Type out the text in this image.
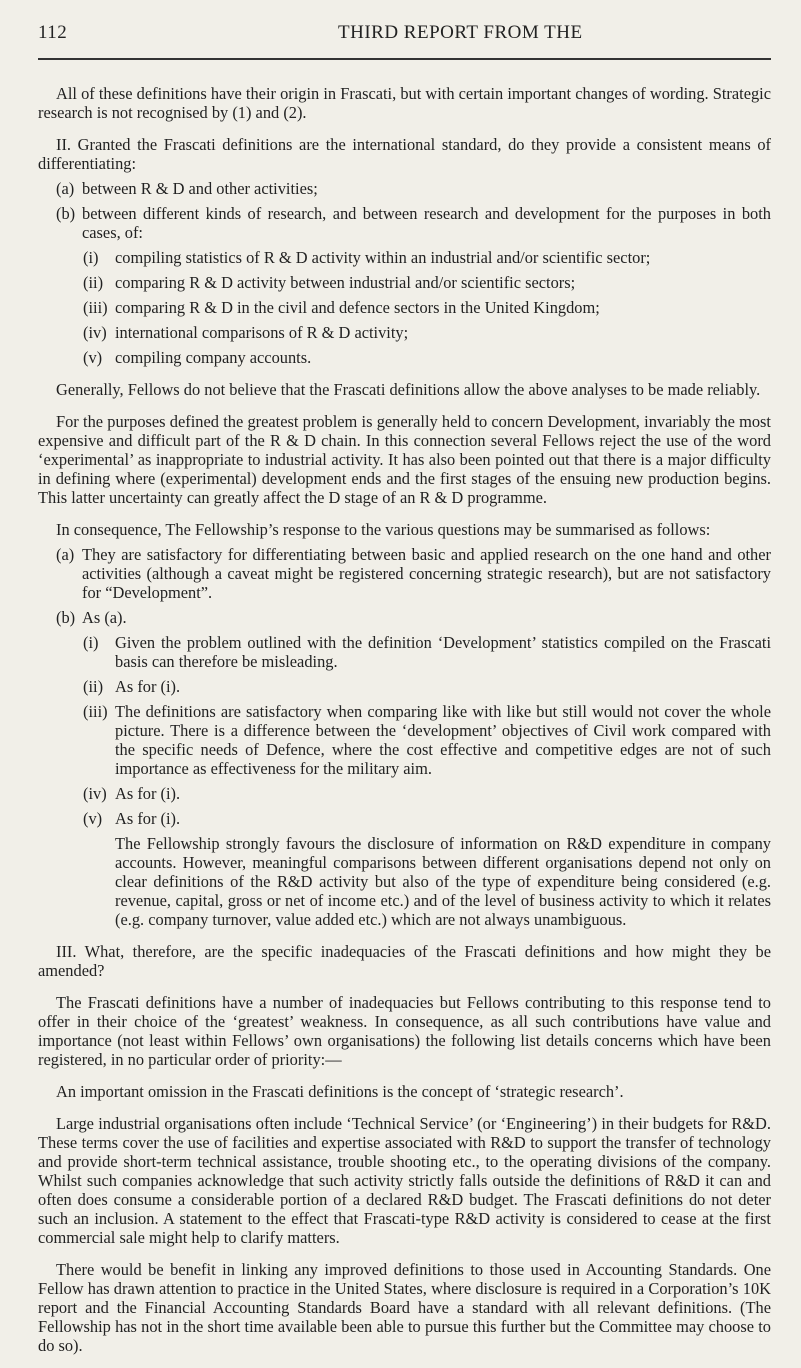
112	THIRD REPORT FROM THE

All of these definitions have their origin in Frascati, but with certain important changes of wording. Strategic research is not recognised by (1) and (2).

II. Granted the Frascati definitions are the international standard, do they provide a consistent means of differentiating:

(a) between R & D and other activities;
(b) between different kinds of research, and between research and development for the purposes in both cases, of:
(i)	compiling statistics of R & D activity within an industrial and/or scientific sector;
(ii) comparing R & D activity between industrial and/or scientific sectors;
(iii) comparing R & D in the civil and defence sectors in the United Kingdom;
(iv) international comparisons of R & D activity;
(v) compiling company accounts.

Generally, Fellows do not believe that the Frascati definitions allow the above analyses to be made reliably.

For the purposes defined the greatest problem is generally held to concern Development, invariably the most expensive and difficult part of the R & D chain. In this connection several Fellows reject the use of the word ‘experimental’ as inappropriate to industrial activity. It has also been pointed out that there is a major difficulty in defining where (experimental) development ends and the first stages of the ensuing new production begins. This latter uncertainty can greatly affect the D stage of an R & D programme.

In consequence, The Fellowship’s response to the various questions may be summarised as follows:

(a) They are satisfactory for differentiating between basic and applied research on the one hand and other activities (although a caveat might be registered concerning strategic research), but are not satisfactory for “Development”.
(b) As (a).
(i)	Given the problem outlined with the definition ‘Development’ statistics compiled on the Frascati basis can therefore be misleading.
(ii) As for (i).
(iii) The definitions are satisfactory when comparing like with like but still would not cover the whole picture. There is a difference between the ‘development’ objectives of Civil work compared with the specific needs of Defence, where the cost effective and competitive edges are not of such importance as effectiveness for the military aim.
(iv) As for (i).
(v) As for (i).

The Fellowship strongly favours the disclosure of information on R&D expenditure in company accounts. However, meaningful comparisons between different organisations depend not only on clear definitions of the R&D activity but also of the type of expenditure being considered (e.g. revenue, capital, gross or net of income etc.) and of the level of business activity to which it relates (e.g. company turnover, value added etc.) which are not always unambiguous.

III. What, therefore, are the specific inadequacies of the Frascati definitions and how might they be amended?

The Frascati definitions have a number of inadequacies but Fellows contributing to this response tend to offer in their choice of the ‘greatest’ weakness. In consequence, as all such contributions have value and importance (not least within Fellows’ own organisations) the following list details concerns which have been registered, in no particular order of priority:—

An important omission in the Frascati definitions is the concept of ‘strategic research’.

Large industrial organisations often include ‘Technical Service’ (or ‘Engineering’) in their budgets for R&D. These terms cover the use of facilities and expertise associated with R&D to support the transfer of technology and provide short-term technical assistance, trouble shooting etc., to the operating divisions of the company. Whilst such companies acknowledge that such activity strictly falls outside the definitions of R&D it can and often does consume a considerable portion of a declared R&D budget. The Frascati definitions do not deter such an inclusion. A statement to the effect that Frascati-type R&D activity is considered to cease at the first commercial sale might help to clarify matters.

There would be benefit in linking any improved definitions to those used in Accounting Standards. One Fellow has drawn attention to practice in the United States, where disclosure is required in a Corporation’s 10K report and the Financial Accounting Standards Board have a standard with all relevant definitions. (The Fellowship has not in the short time available been able to pursue this further but the Committee may choose to do so).
